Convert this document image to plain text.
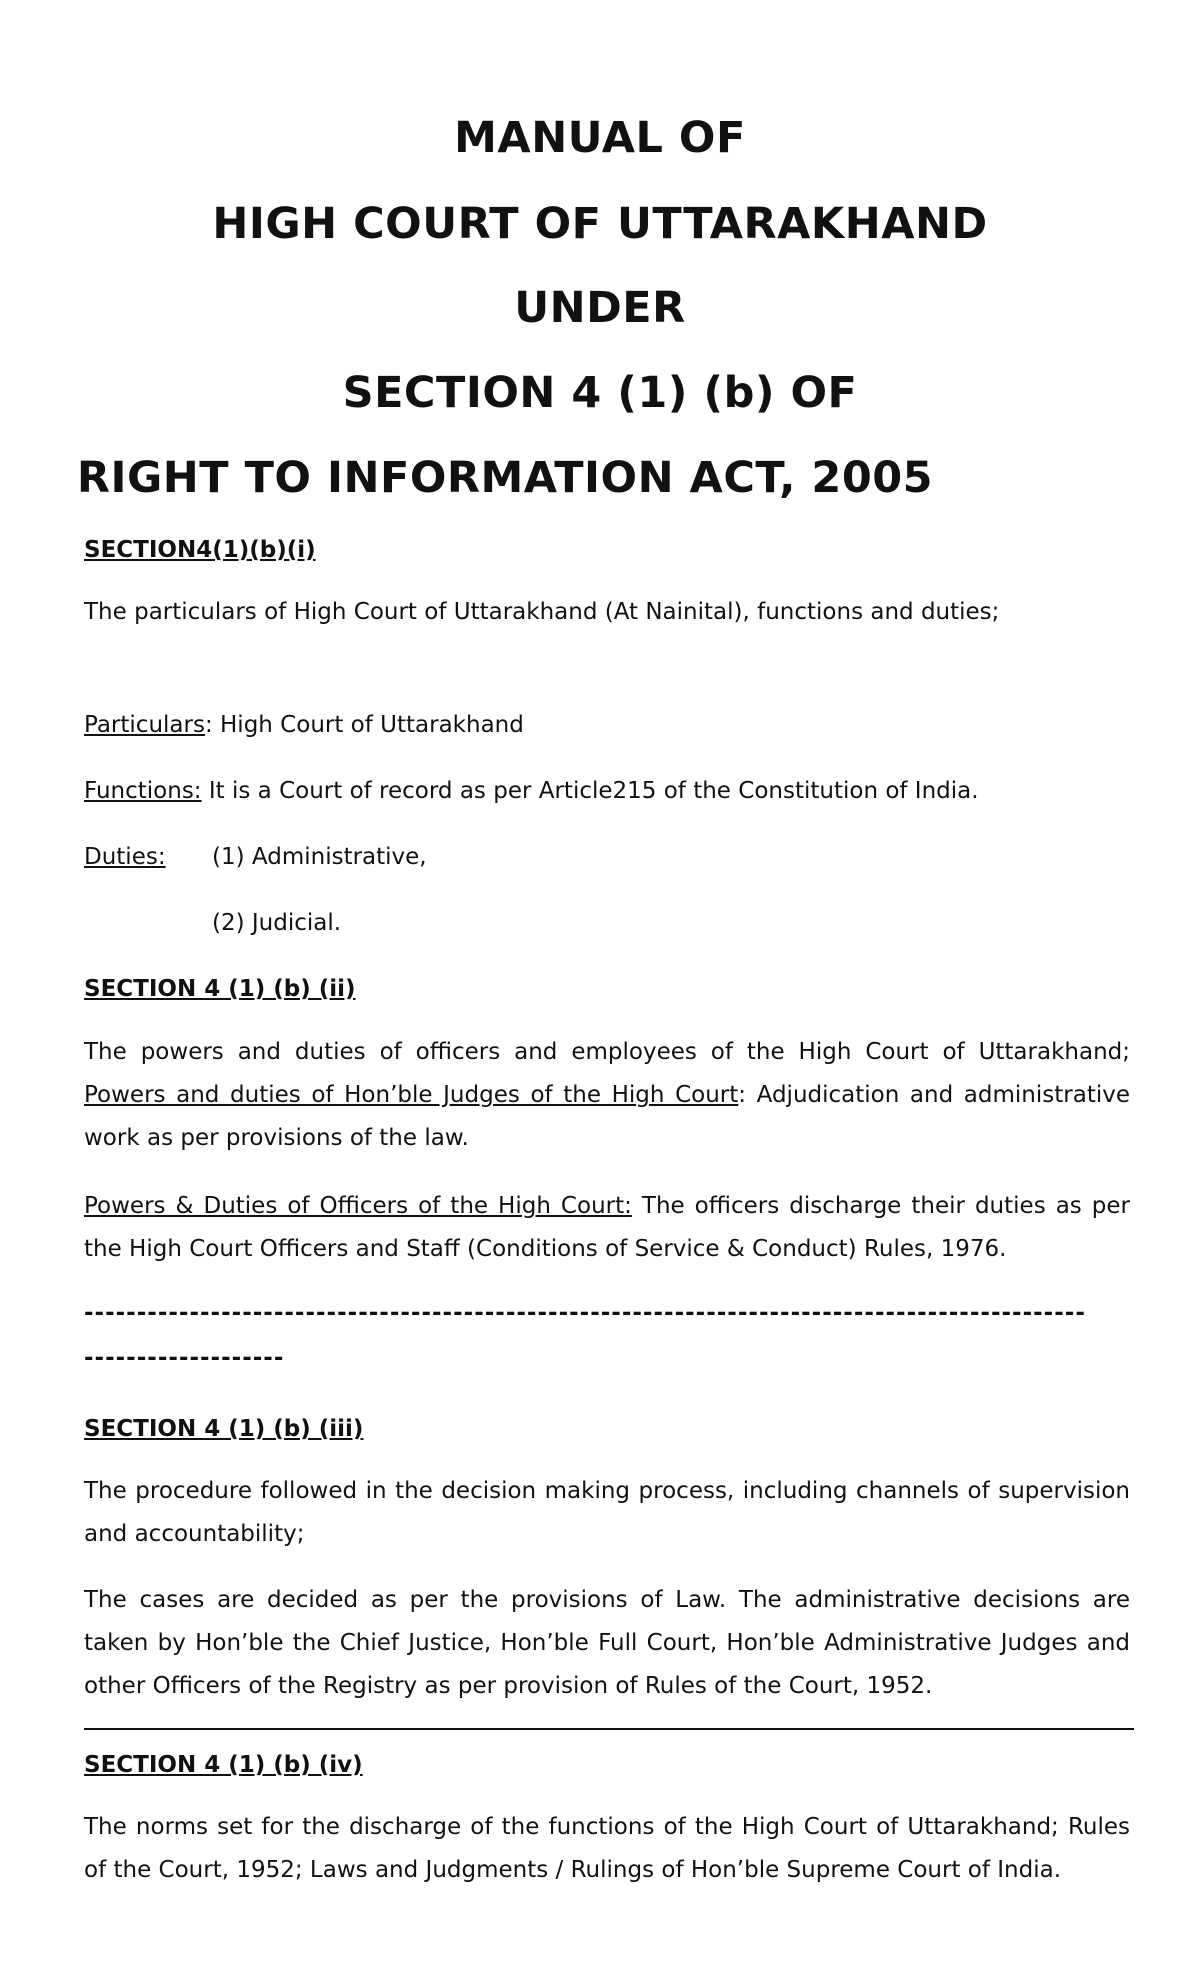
MANUAL OF
HIGH COURT OF UTTARAKHAND
UNDER
SECTION 4 (1) (b) OF
RIGHT TO INFORMATION ACT, 2005
SECTION4(1)(b)(i)
The particulars of High Court of Uttarakhand (At Nainital), functions and duties;
Particulars: High Court of Uttarakhand
Functions: It is a Court of record as per Article215 of the Constitution of India.
Duties: (1) Administrative,
(2) Judicial.
SECTION 4 (1) (b) (ii)
The powers and duties of officers and employees of the High Court of Uttarakhand; Powers and duties of Hon’ble Judges of the High Court: Adjudication and administrative work as per provisions of the law.
Powers & Duties of Officers of the High Court: The officers discharge their duties as per the High Court Officers and Staff (Conditions of Service & Conduct) Rules, 1976.
-----------------------------------------------------------------------------------------------
-------------------
SECTION 4 (1) (b) (iii)
The procedure followed in the decision making process, including channels of supervision and accountability;
The cases are decided as per the provisions of Law. The administrative decisions are taken by Hon’ble the Chief Justice, Hon’ble Full Court, Hon’ble Administrative Judges and other Officers of the Registry as per provision of Rules of the Court, 1952.
SECTION 4 (1) (b) (iv)
The norms set for the discharge of the functions of the High Court of Uttarakhand; Rules of the Court, 1952; Laws and Judgments / Rulings of Hon’ble Supreme Court of India.
